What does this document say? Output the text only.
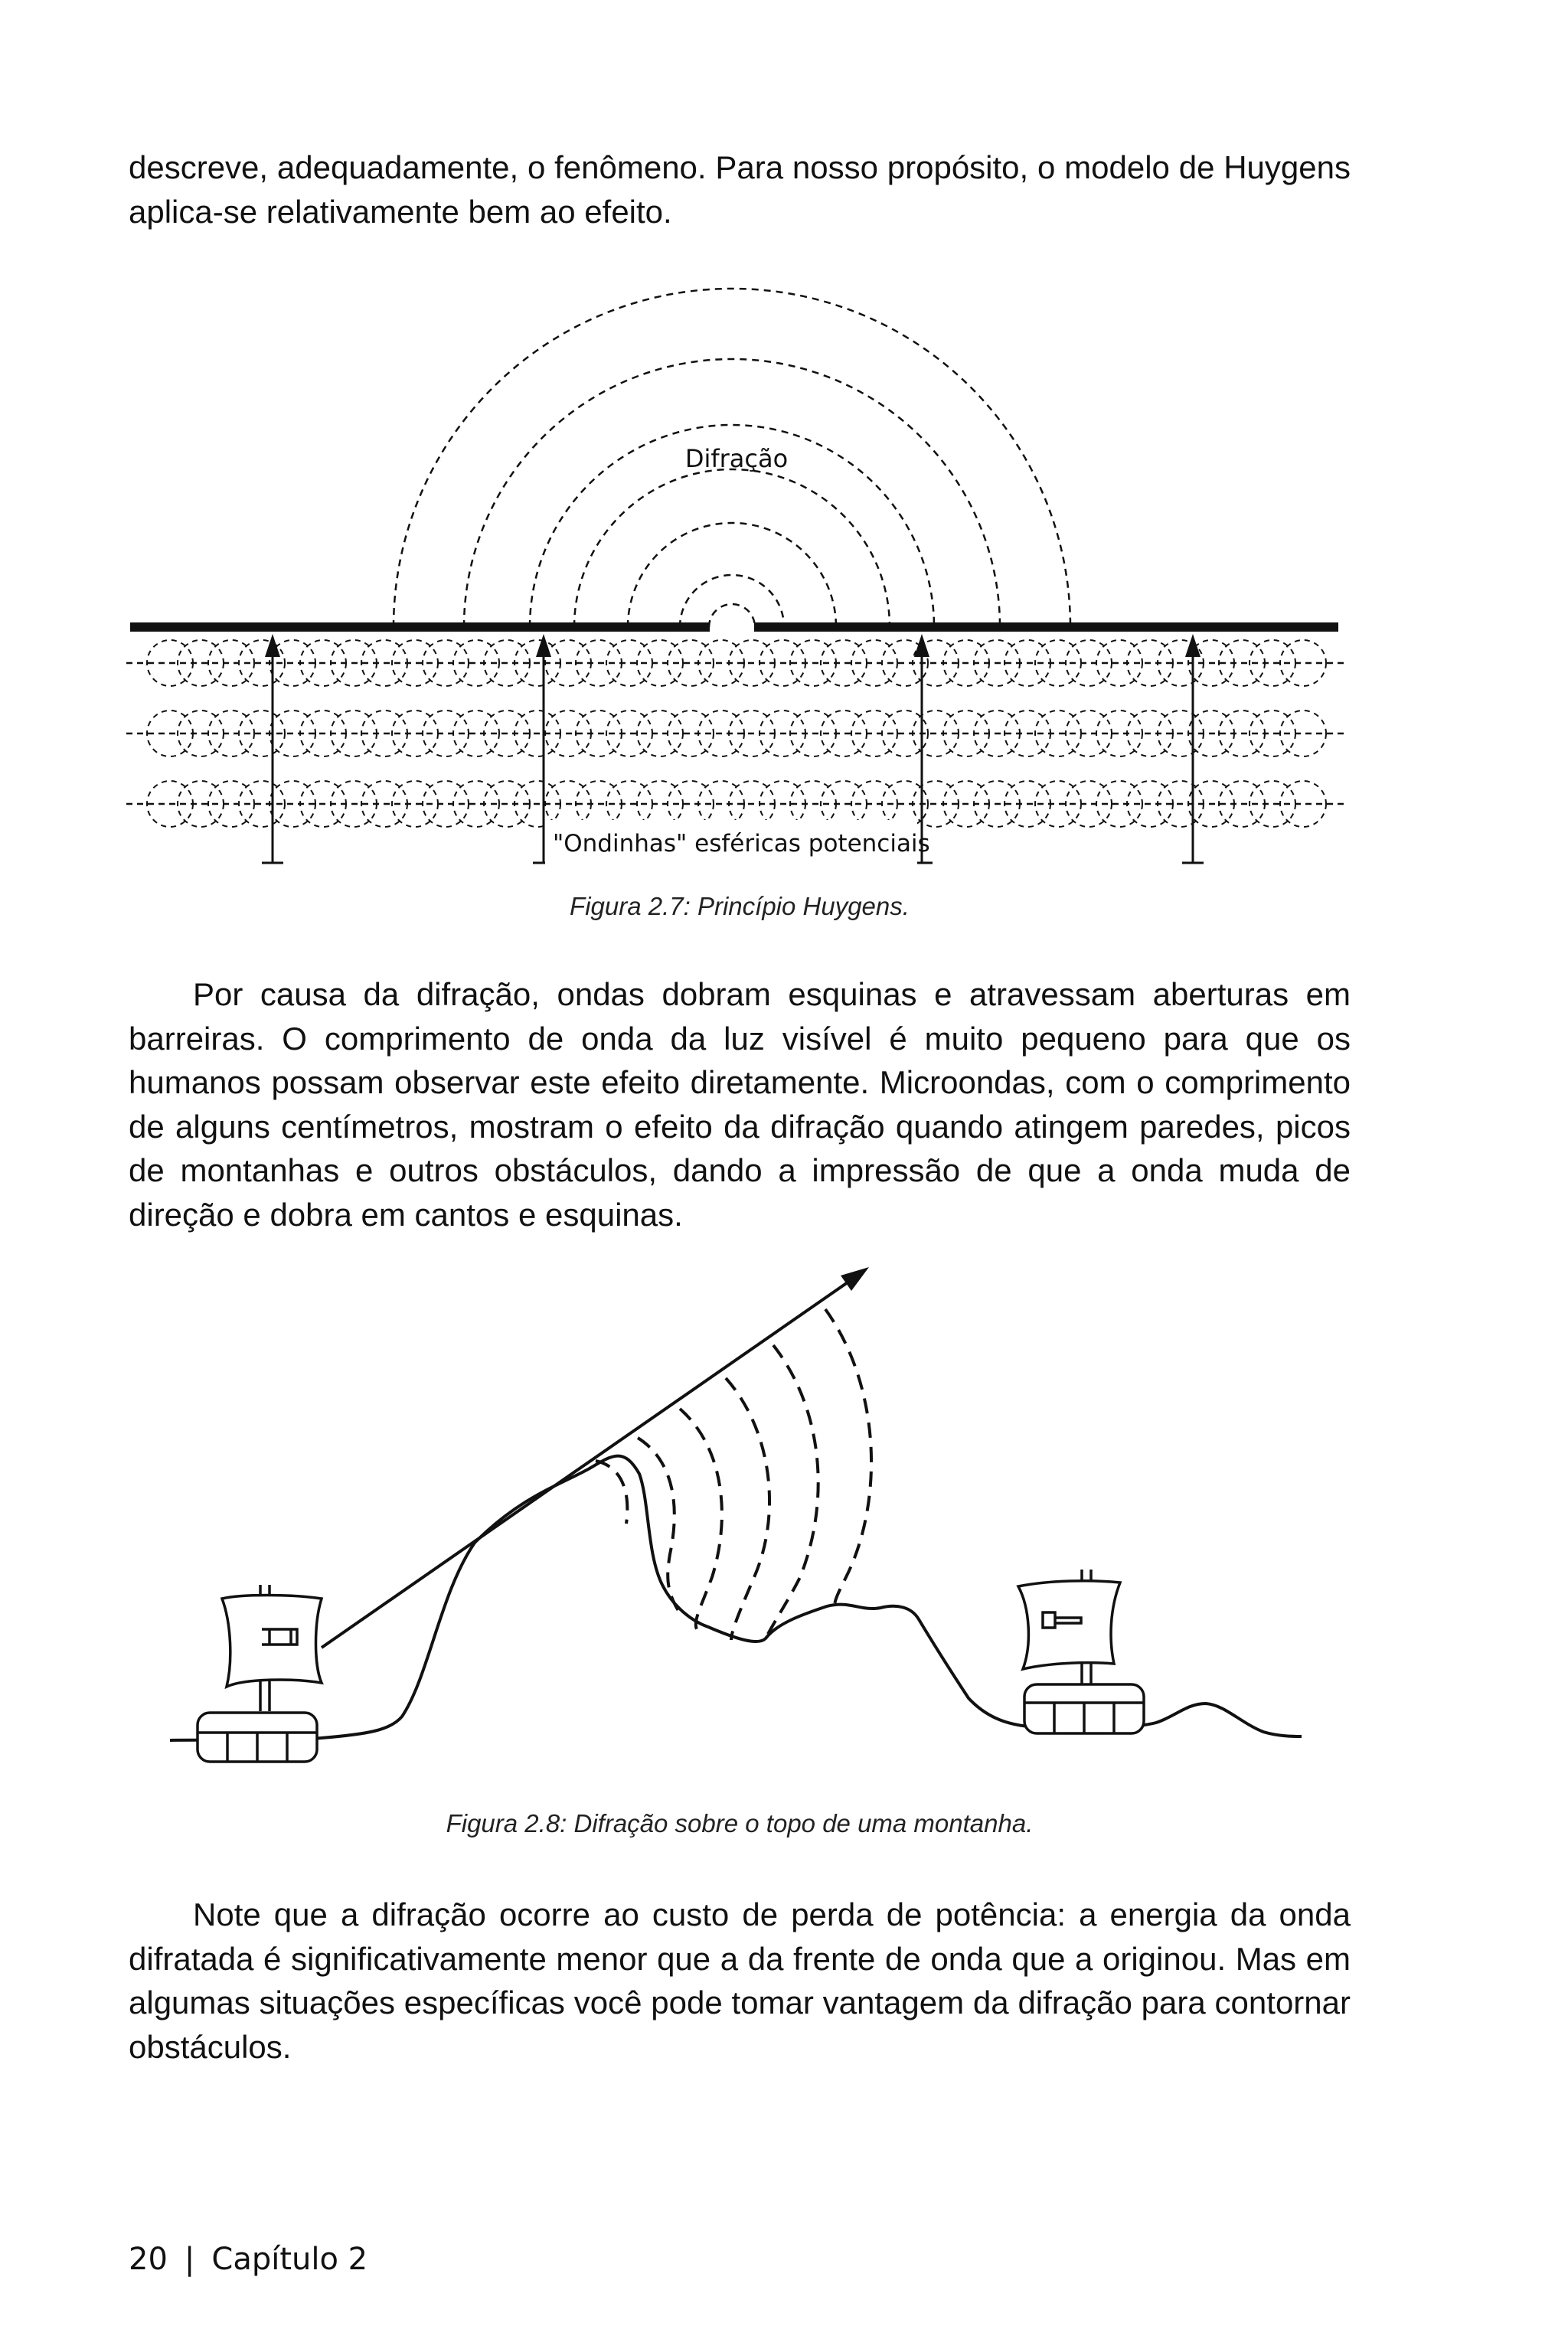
descreve, adequadamente, o fenômeno. Para nosso propósito, o modelo de Huygens aplica-se relativamente bem ao efeito.

Difração
"Ondinhas" esféricas potenciais

Figura 2.7: Princípio Huygens.

Por causa da difração, ondas dobram esquinas e atravessam aberturas em barreiras. O comprimento de onda da luz visível é muito pequeno para que os humanos possam observar este efeito diretamente. Microondas, com o comprimento de alguns centímetros, mostram o efeito da difração quando atingem paredes, picos de montanhas e outros obstáculos, dando a impressão de que a onda muda de direção e dobra em cantos e esquinas.

Figura 2.8: Difração sobre o topo de uma montanha.

Note que a difração ocorre ao custo de perda de potência: a energia da onda difratada é significativamente menor que a da frente de onda que a originou. Mas em algumas situações específicas você pode tomar vantagem da difração para contornar obstáculos.

20 | Capítulo 2
